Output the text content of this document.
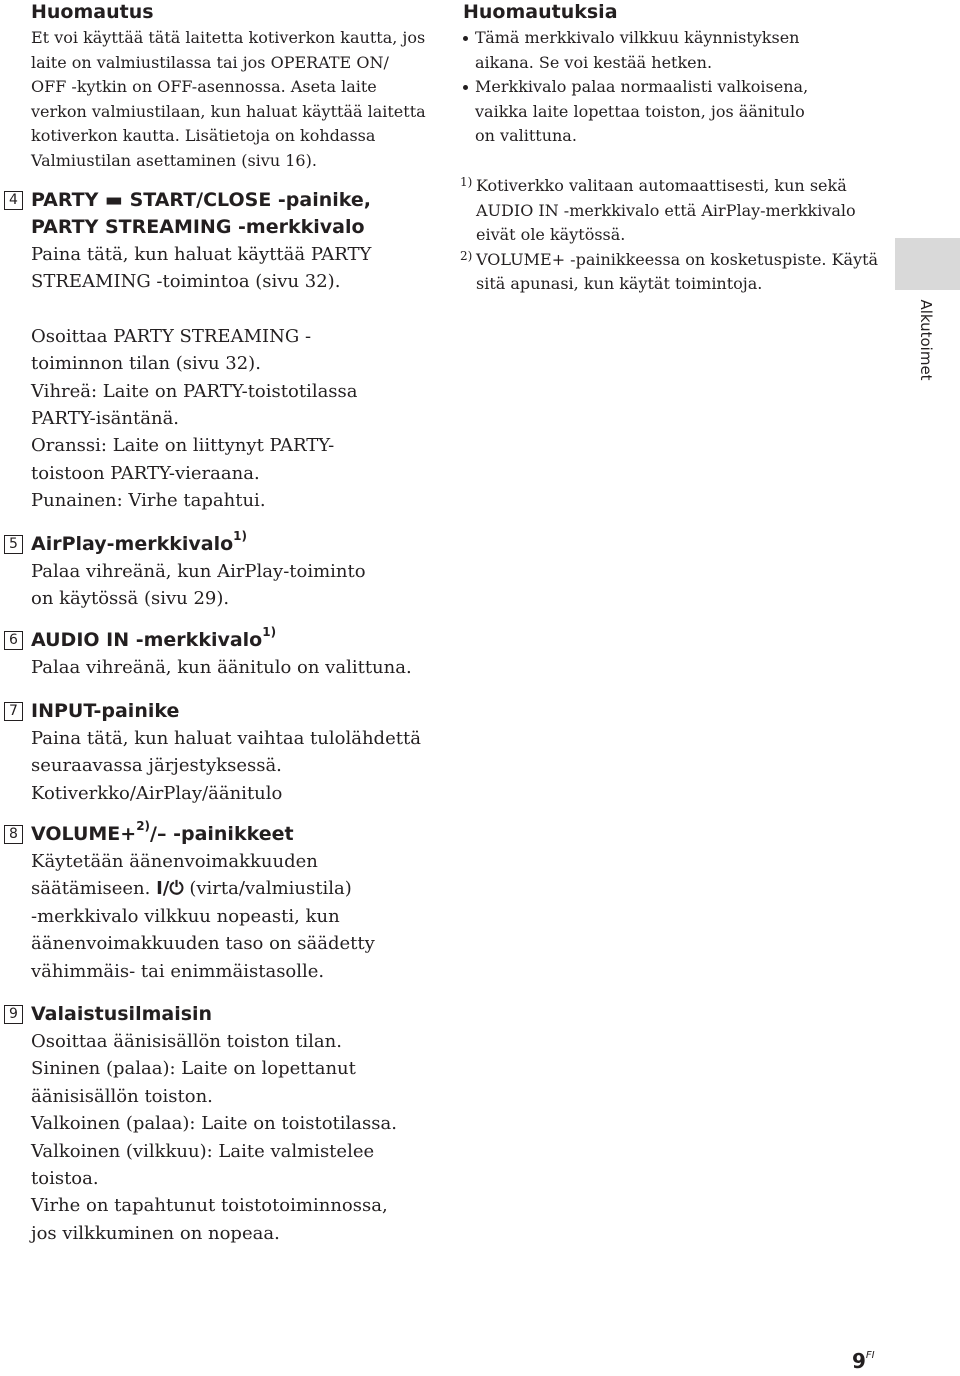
Huomautus

Et voi käyttää tätä laitetta kotiverkon kautta, jos
laite on valmiustilassa tai jos OPERATE ON/
OFF -kytkin on OFF-asennossa. Aseta laite
verkon valmiustilaan, kun haluat käyttää laitetta
kotiverkon kautta. Lisätietoja on kohdassa
Valmiustilan asettaminen (sivu 16).

4 PARTY ▬ START/CLOSE -painike,
PARTY STREAMING -merkkivalo
Paina tätä, kun haluat käyttää PARTY
STREAMING -toimintoa (sivu 32).
Osoittaa PARTY STREAMING -
toiminnon tilan (sivu 32).
Vihreä: Laite on PARTY-toistotilassa
PARTY-isäntänä.
Oranssi: Laite on liittynyt PARTY-
toistoon PARTY-vieraana.
Punainen: Virhe tapahtui.
5 AirPlay-merkkivalo$^{1)}$
Palaa vihreänä, kun AirPlay-toiminto
on käytössä (sivu 29).
6 AUDIO IN -merkkivalo$^{1)}$
Palaa vihreänä, kun äänitulo on valittuna.
7 INPUT-painike
Paina tätä, kun haluat vaihtaa tulolähdettä
seuraavassa järjestyksessä.
Kotiverkko/AirPlay/äänitulo
8 VOLUME+$^{2)}$/– -painikkeet
Käytetään äänenvoimakkuuden
säätämiseen. I/⏻ (virta/valmiustila)
-merkkivalo vilkkuu nopeasti, kun
äänenvoimakkuuden taso on säädetty
vähimmäis- tai enimmäistasolle.
9 Valaistusilmaisin
Osoittaa äänisisällön toiston tilan.
Sininen (palaa): Laite on lopettanut
äänisisällön toiston.
Valkoinen (palaa): Laite on toistotilassa.
Valkoinen (vilkkuu): Laite valmistelee
toistoa.
Virhe on tapahtunut toistotoiminnossa,
jos vilkkuminen on nopeaa.

Huomautuksia

Tämä merkkivalo vilkkuu käynnistyksen
aikana. Se voi kestää hetken.
Merkkivalo palaa normaalisti valkoisena,
vaikka laite lopettaa toiston, jos äänitulo
on valittuna.
1) Kotiverkko valitaan automaattisesti, kun sekä
AUDIO IN -merkkivalo että AirPlay-merkkivalo
eivät ole käytössä.
2) VOLUME+ -painikkeessa on kosketuspiste. Käytä
sitä apunasi, kun käytät toimintoja.
Alkutoimet
$9^{FI}$
